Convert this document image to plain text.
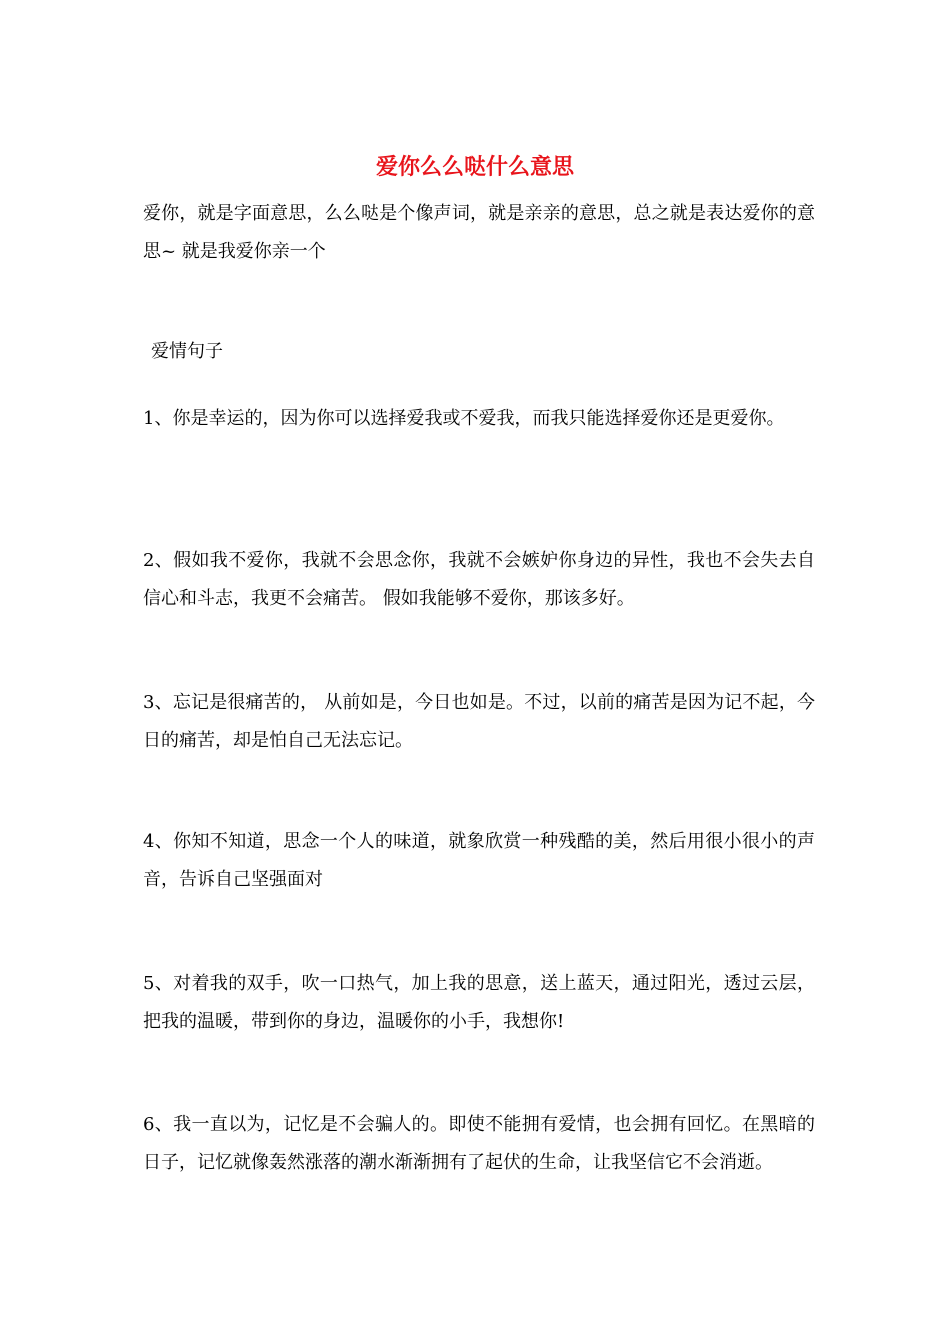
爱你么么哒什么意思

爱你，就是字面意思，么么哒是个像声词，就是亲亲的意思，总之就是表达爱你的意思~ 就是我爱你亲一个

爱情句子

1、你是幸运的，因为你可以选择爱我或不爱我，而我只能选择爱你还是更爱你。

2、假如我不爱你，我就不会思念你，我就不会嫉妒你身边的异性，我也不会失去自信心和斗志，我更不会痛苦。 假如我能够不爱你，那该多好。

3、忘记是很痛苦的， 从前如是，今日也如是。不过，以前的痛苦是因为记不起，今日的痛苦，却是怕自己无法忘记。

4、你知不知道，思念一个人的味道，就象欣赏一种残酷的美，然后用很小很小的声音，告诉自己坚强面对

5、对着我的双手，吹一口热气，加上我的思意，送上蓝天，通过阳光，透过云层，把我的温暖，带到你的身边，温暖你的小手，我想你!

6、我一直以为，记忆是不会骗人的。即使不能拥有爱情，也会拥有回忆。在黑暗的日子，记忆就像轰然涨落的潮水渐渐拥有了起伏的生命，让我坚信它不会消逝。
